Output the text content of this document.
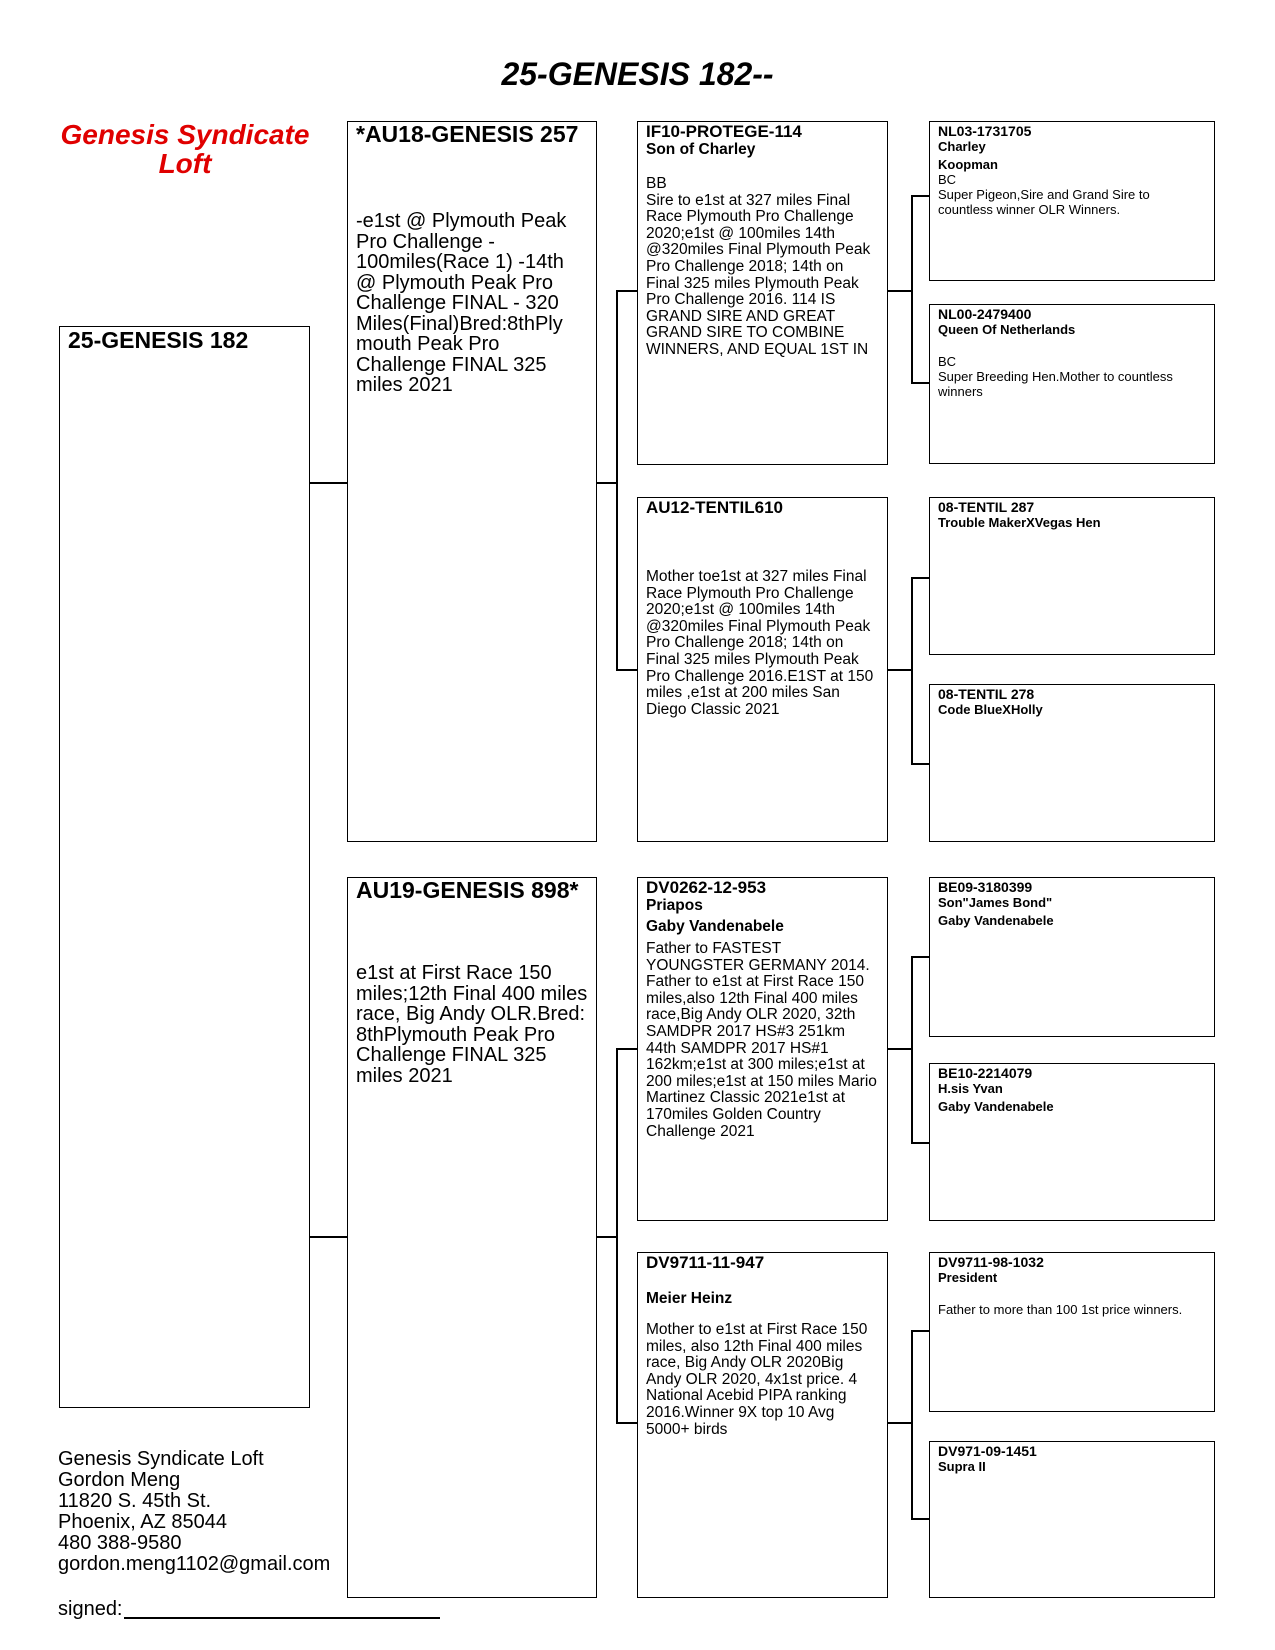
25-GENESIS 182--
Genesis Syndicate Loft
25-GENESIS 182
*AU18-GENESIS 257
-e1st @ Plymouth Peak Pro Challenge - 100miles(Race 1) -14th @ Plymouth Peak Pro Challenge FINAL - 320 Miles(Final)Bred:8thPly mouth Peak Pro Challenge FINAL 325 miles 2021
AU19-GENESIS 898*
e1st at First Race 150 miles;12th Final 400 miles race, Big Andy OLR.Bred: 8thPlymouth Peak Pro Challenge FINAL 325 miles 2021
IF10-PROTEGE-114
Son of Charley
BB
Sire to e1st at 327 miles Final Race Plymouth Pro Challenge 2020;e1st @ 100miles 14th @320miles Final Plymouth Peak Pro Challenge 2018; 14th on Final 325 miles Plymouth Peak Pro Challenge 2016. 114 IS GRAND SIRE AND GREAT GRAND SIRE TO COMBINE WINNERS, AND EQUAL 1ST IN
AU12-TENTIL610
Mother toe1st at 327 miles Final Race Plymouth Pro Challenge 2020;e1st @ 100miles 14th @320miles Final Plymouth Peak Pro Challenge 2018; 14th on Final 325 miles Plymouth Peak Pro Challenge 2016.E1ST at 150 miles ,e1st at 200 miles San Diego Classic 2021
DV0262-12-953
Priapos
Gaby Vandenabele
Father to FASTEST YOUNGSTER GERMANY 2014. Father to e1st at First Race 150 miles,also 12th Final 400 miles race,Big Andy OLR 2020, 32th SAMDPR 2017 HS#3 251km 44th SAMDPR 2017 HS#1 162km;e1st at 300 miles;e1st at 200 miles;e1st at 150 miles Mario Martinez Classic 2021e1st at 170miles Golden Country Challenge 2021
DV9711-11-947
Meier Heinz
Mother to e1st at First Race 150 miles, also 12th Final 400 miles race, Big Andy OLR 2020Big Andy OLR 2020, 4x1st price. 4 National Acebid PIPA ranking 2016.Winner 9X top 10 Avg 5000+ birds
NL03-1731705
Charley
Koopman
BC
Super Pigeon,Sire and Grand Sire to countless winner OLR Winners.
NL00-2479400
Queen Of Netherlands
BC
Super Breeding Hen.Mother to countless winners
08-TENTIL 287
Trouble MakerXVegas Hen
08-TENTIL 278
Code BlueXHolly
BE09-3180399
Son"James Bond"
Gaby Vandenabele
BE10-2214079
H.sis Yvan
Gaby Vandenabele
DV9711-98-1032
President
Father to more than 100 1st price winners.
DV971-09-1451
Supra II
Genesis Syndicate Loft
Gordon Meng
11820 S. 45th St.
Phoenix, AZ 85044
480 388-9580
gordon.meng1102@gmail.com
signed:
